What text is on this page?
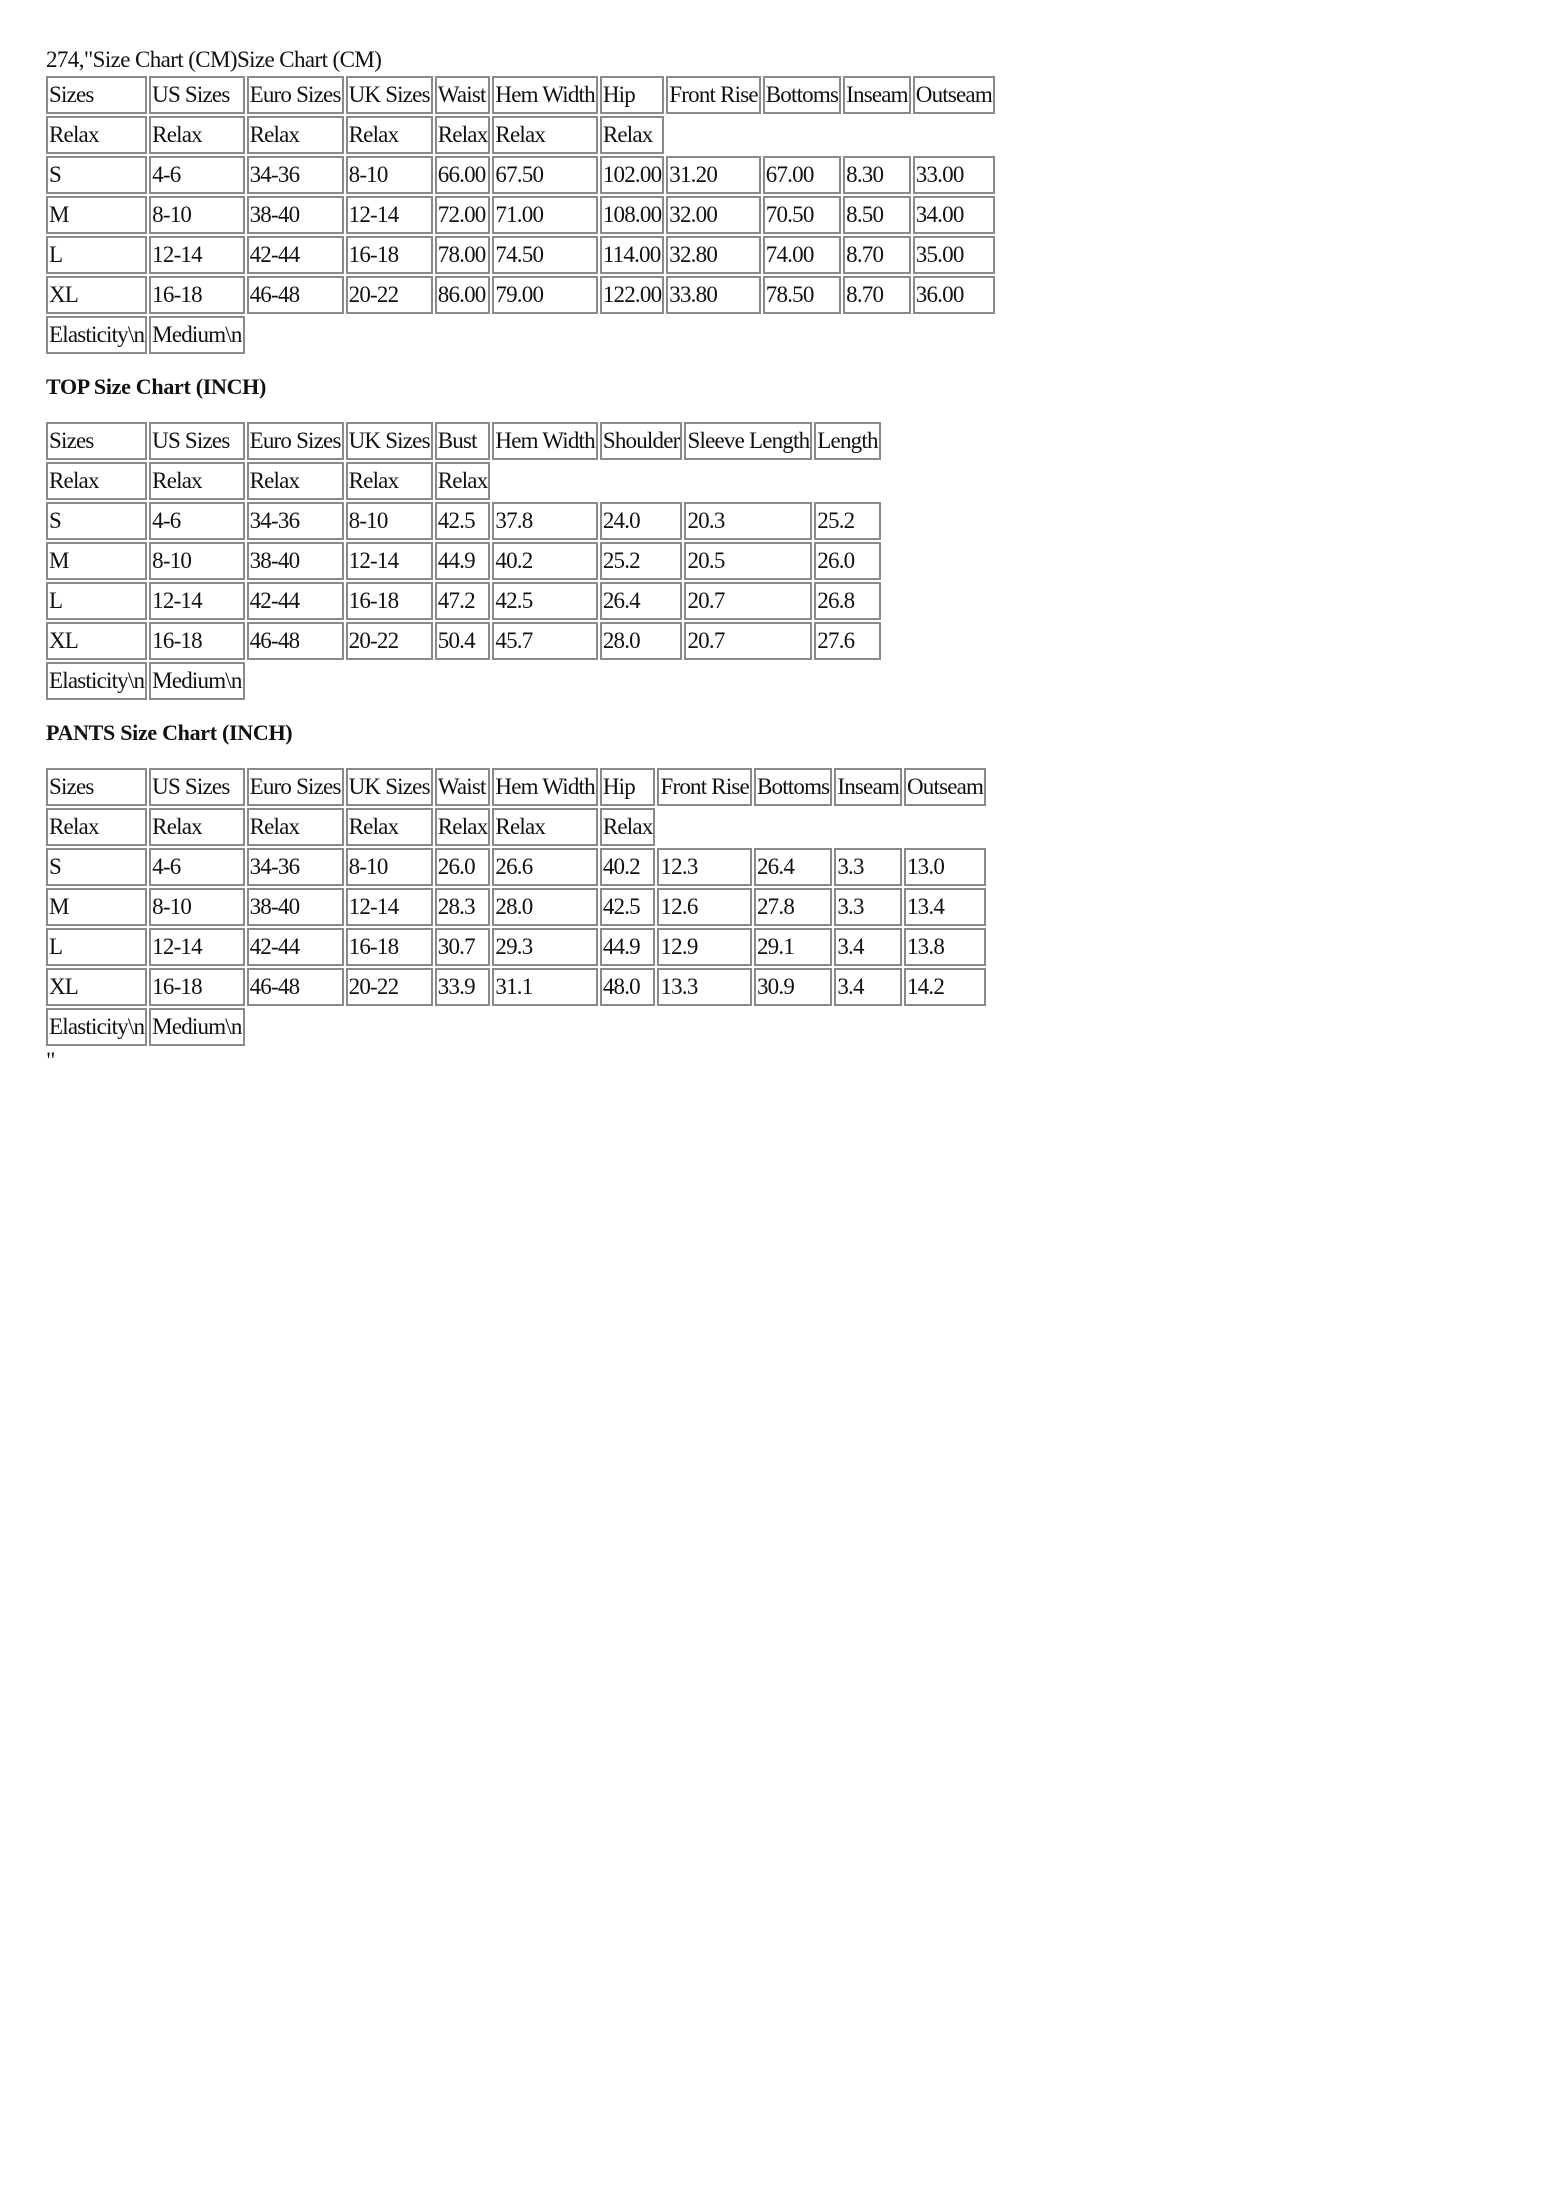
274,"Size Chart (CM)Size Chart (CM)
Sizes	US Sizes	Euro Sizes	UK Sizes	Waist	Hem Width	Hip	Front Rise	Bottoms	Inseam	Outseam
Relax	Relax	Relax	Relax	Relax	Relax	Relax				
S	4-6	34-36	8-10	66.00	67.50	102.00	31.20	67.00	8.30	33.00
M	8-10	38-40	12-14	72.00	71.00	108.00	32.00	70.50	8.50	34.00
L	12-14	42-44	16-18	78.00	74.50	114.00	32.80	74.00	8.70	35.00
XL	16-18	46-48	20-22	86.00	79.00	122.00	33.80	78.50	8.70	36.00
Elasticity\n	Medium\n									
TOP Size Chart (INCH)
Sizes	US Sizes	Euro Sizes	UK Sizes	Bust	Hem Width	Shoulder	Sleeve Length	Length
Relax	Relax	Relax	Relax	Relax				
S	4-6	34-36	8-10	42.5	37.8	24.0	20.3	25.2
M	8-10	38-40	12-14	44.9	40.2	25.2	20.5	26.0
L	12-14	42-44	16-18	47.2	42.5	26.4	20.7	26.8
XL	16-18	46-48	20-22	50.4	45.7	28.0	20.7	27.6
Elasticity\n	Medium\n							
PANTS Size Chart (INCH)
Sizes	US Sizes	Euro Sizes	UK Sizes	Waist	Hem Width	Hip	Front Rise	Bottoms	Inseam	Outseam
Relax	Relax	Relax	Relax	Relax	Relax	Relax				
S	4-6	34-36	8-10	26.0	26.6	40.2	12.3	26.4	3.3	13.0
M	8-10	38-40	12-14	28.3	28.0	42.5	12.6	27.8	3.3	13.4
L	12-14	42-44	16-18	30.7	29.3	44.9	12.9	29.1	3.4	13.8
XL	16-18	46-48	20-22	33.9	31.1	48.0	13.3	30.9	3.4	14.2
Elasticity\n	Medium\n									
"
